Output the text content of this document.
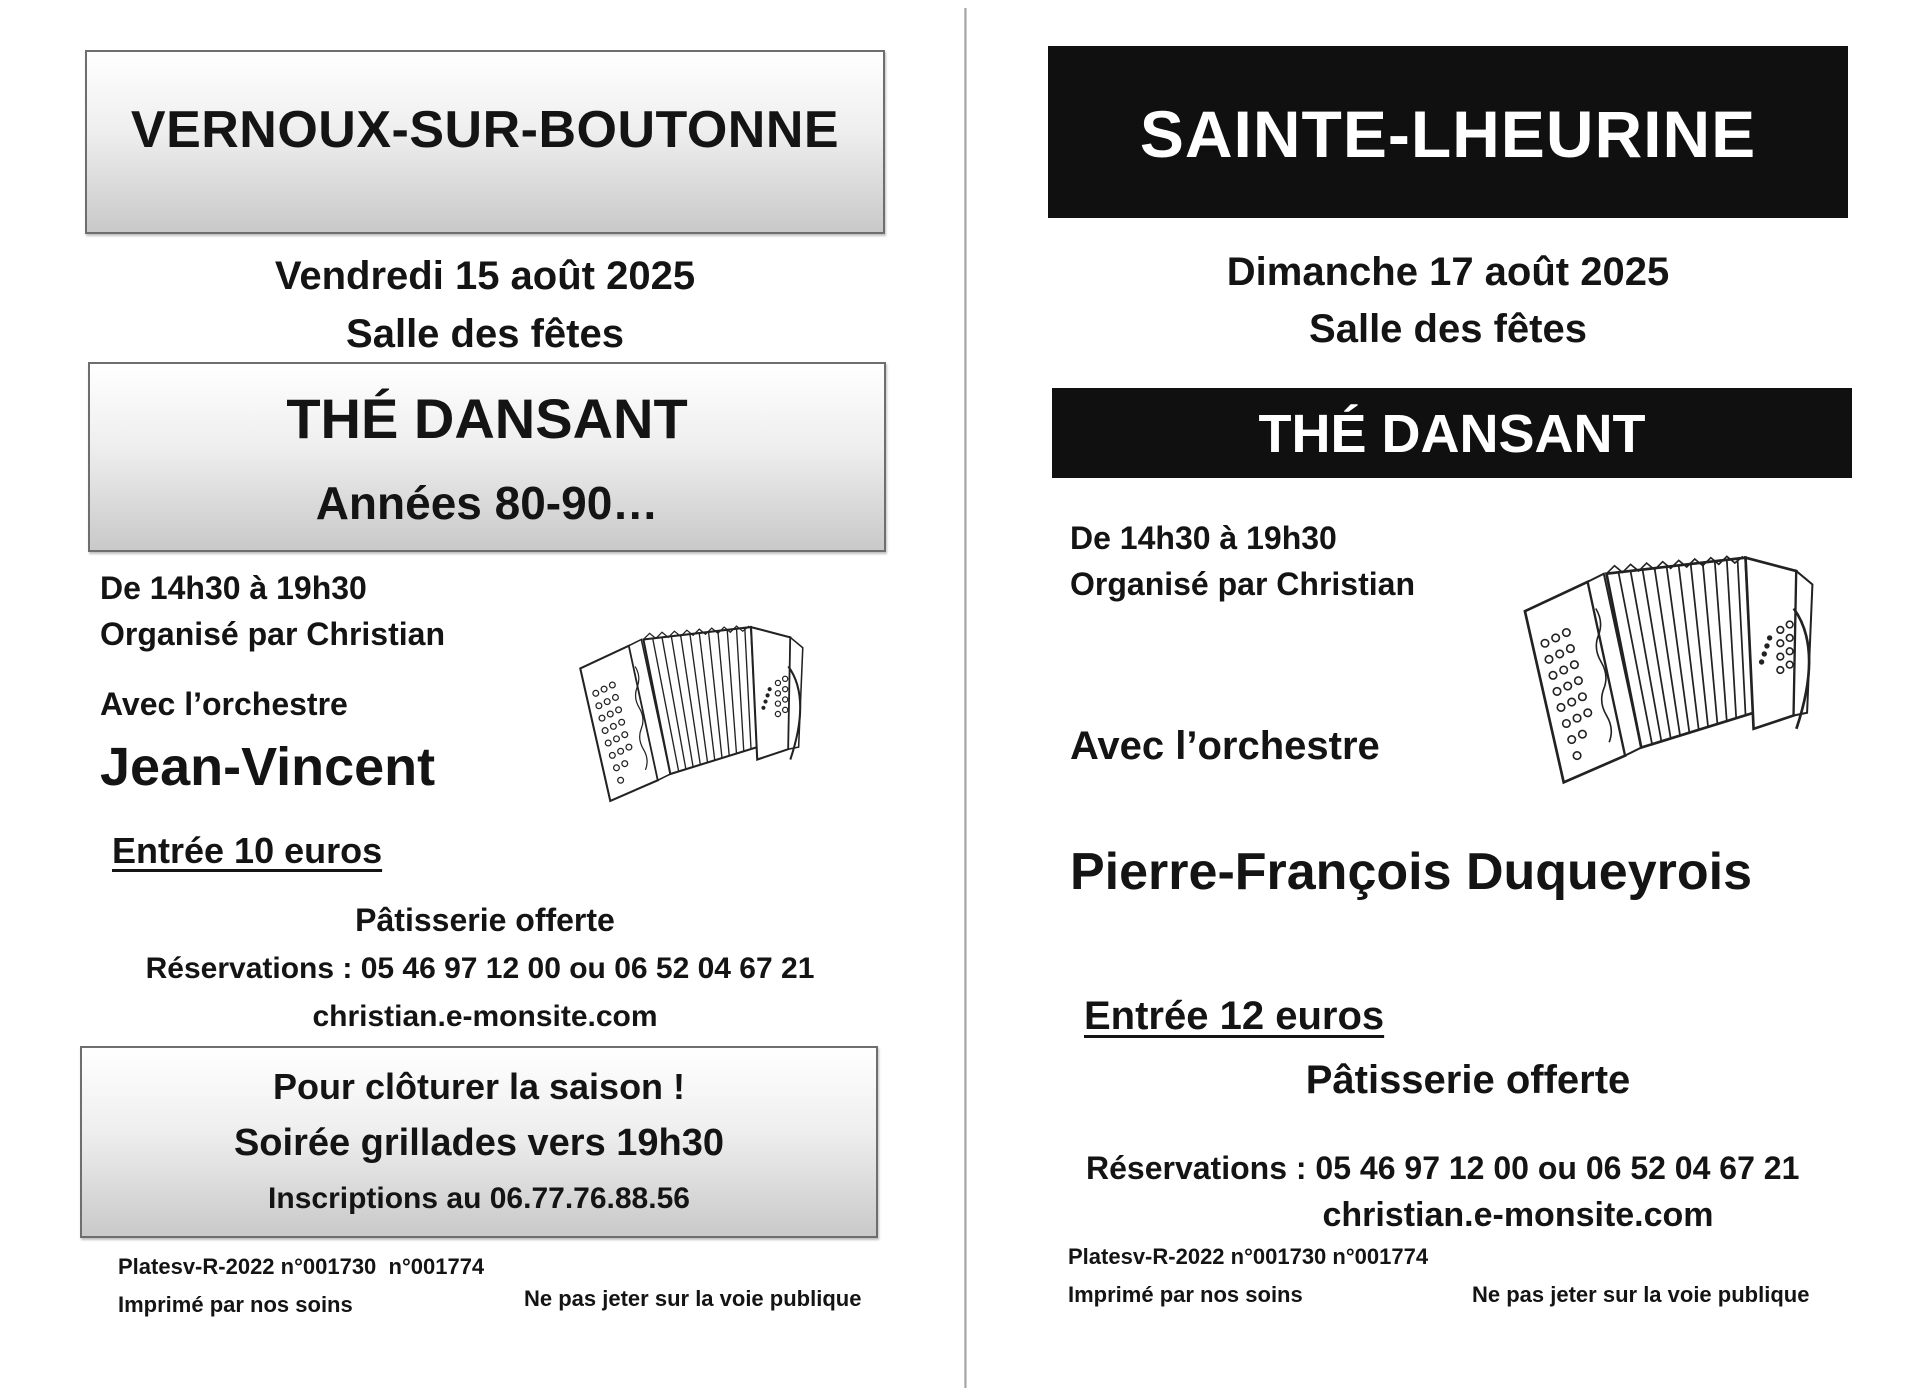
VERNOUX-SUR-BOUTONNE
Vendredi 15 août 2025
Salle des fêtes
THÉ DANSANT
Années 80-90…
De 14h30 à 19h30
Organisé par Christian
Avec l’orchestre
Jean-Vincent
Entrée 10 euros
Pâtisserie offerte
Réservations : 05 46 97 12 00 ou 06 52 04 67 21
christian.e-monsite.com
Pour clôturer la saison !
Soirée grillades vers 19h30
Inscriptions au 06.77.76.88.56
Platesv-R-2022 n°001730  n°001774
Imprimé par nos soins	Ne pas jeter sur la voie publique
SAINTE-LHEURINE
Dimanche 17 août 2025
Salle des fêtes
THÉ DANSANT
De 14h30 à 19h30
Organisé par Christian
Avec l’orchestre
Pierre-François Duqueyrois
Entrée 12 euros
Pâtisserie offerte
Réservations : 05 46 97 12 00 ou 06 52 04 67 21
christian.e-monsite.com
Platesv-R-2022 n°001730 n°001774
Imprimé par nos soins	Ne pas jeter sur la voie publique
